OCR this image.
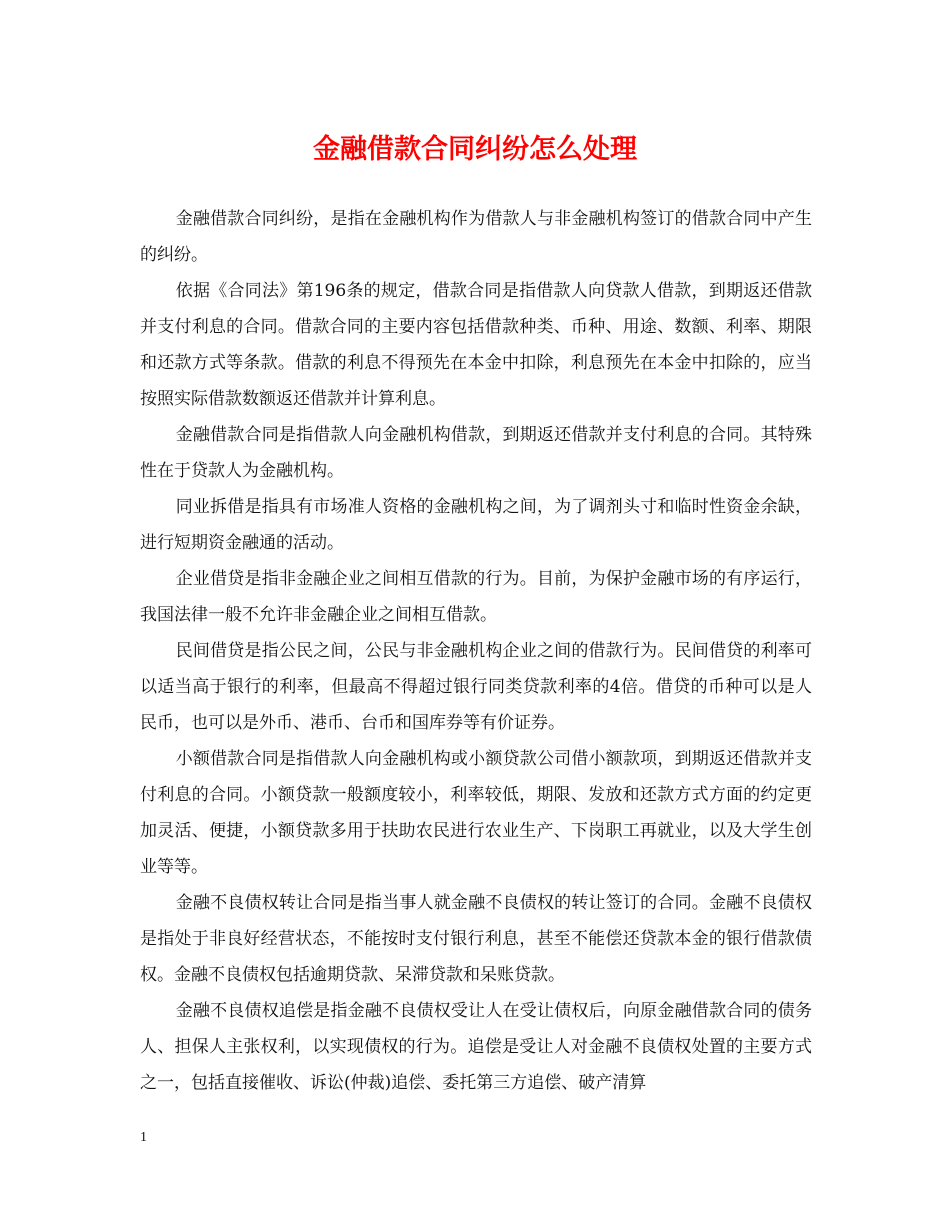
金融借款合同纠纷怎么处理

金融借款合同纠纷，是指在金融机构作为借款人与非金融机构签订的借款合同中产生的纠纷。

依据《合同法》第196条的规定，借款合同是指借款人向贷款人借款，到期返还借款并支付利息的合同。借款合同的主要内容包括借款种类、币种、用途、数额、利率、期限和还款方式等条款。借款的利息不得预先在本金中扣除，利息预先在本金中扣除的，应当按照实际借款数额返还借款并计算利息。

金融借款合同是指借款人向金融机构借款，到期返还借款并支付利息的合同。其特殊性在于贷款人为金融机构。

同业拆借是指具有市场准人资格的金融机构之间，为了调剂头寸和临时性资金余缺，进行短期资金融通的活动。

企业借贷是指非金融企业之间相互借款的行为。目前，为保护金融市场的有序运行，我国法律一般不允许非金融企业之间相互借款。

民间借贷是指公民之间，公民与非金融机构企业之间的借款行为。民间借贷的利率可以适当高于银行的利率，但最高不得超过银行同类贷款利率的4倍。借贷的币种可以是人民币，也可以是外币、港币、台币和国库券等有价证券。

小额借款合同是指借款人向金融机构或小额贷款公司借小额款项，到期返还借款并支付利息的合同。小额贷款一般额度较小，利率较低，期限、发放和还款方式方面的约定更加灵活、便捷，小额贷款多用于扶助农民进行农业生产、下岗职工再就业，以及大学生创业等等。

金融不良债权转让合同是指当事人就金融不良债权的转让签订的合同。金融不良债权是指处于非良好经营状态，不能按时支付银行利息，甚至不能偿还贷款本金的银行借款债权。金融不良债权包括逾期贷款、呆滞贷款和呆账贷款。

金融不良债权追偿是指金融不良债权受让人在受让债权后，向原金融借款合同的债务人、担保人主张权利，以实现债权的行为。追偿是受让人对金融不良债权处置的主要方式之一，包括直接催收、诉讼(仲裁)追偿、委托第三方追偿、破产清算

1
